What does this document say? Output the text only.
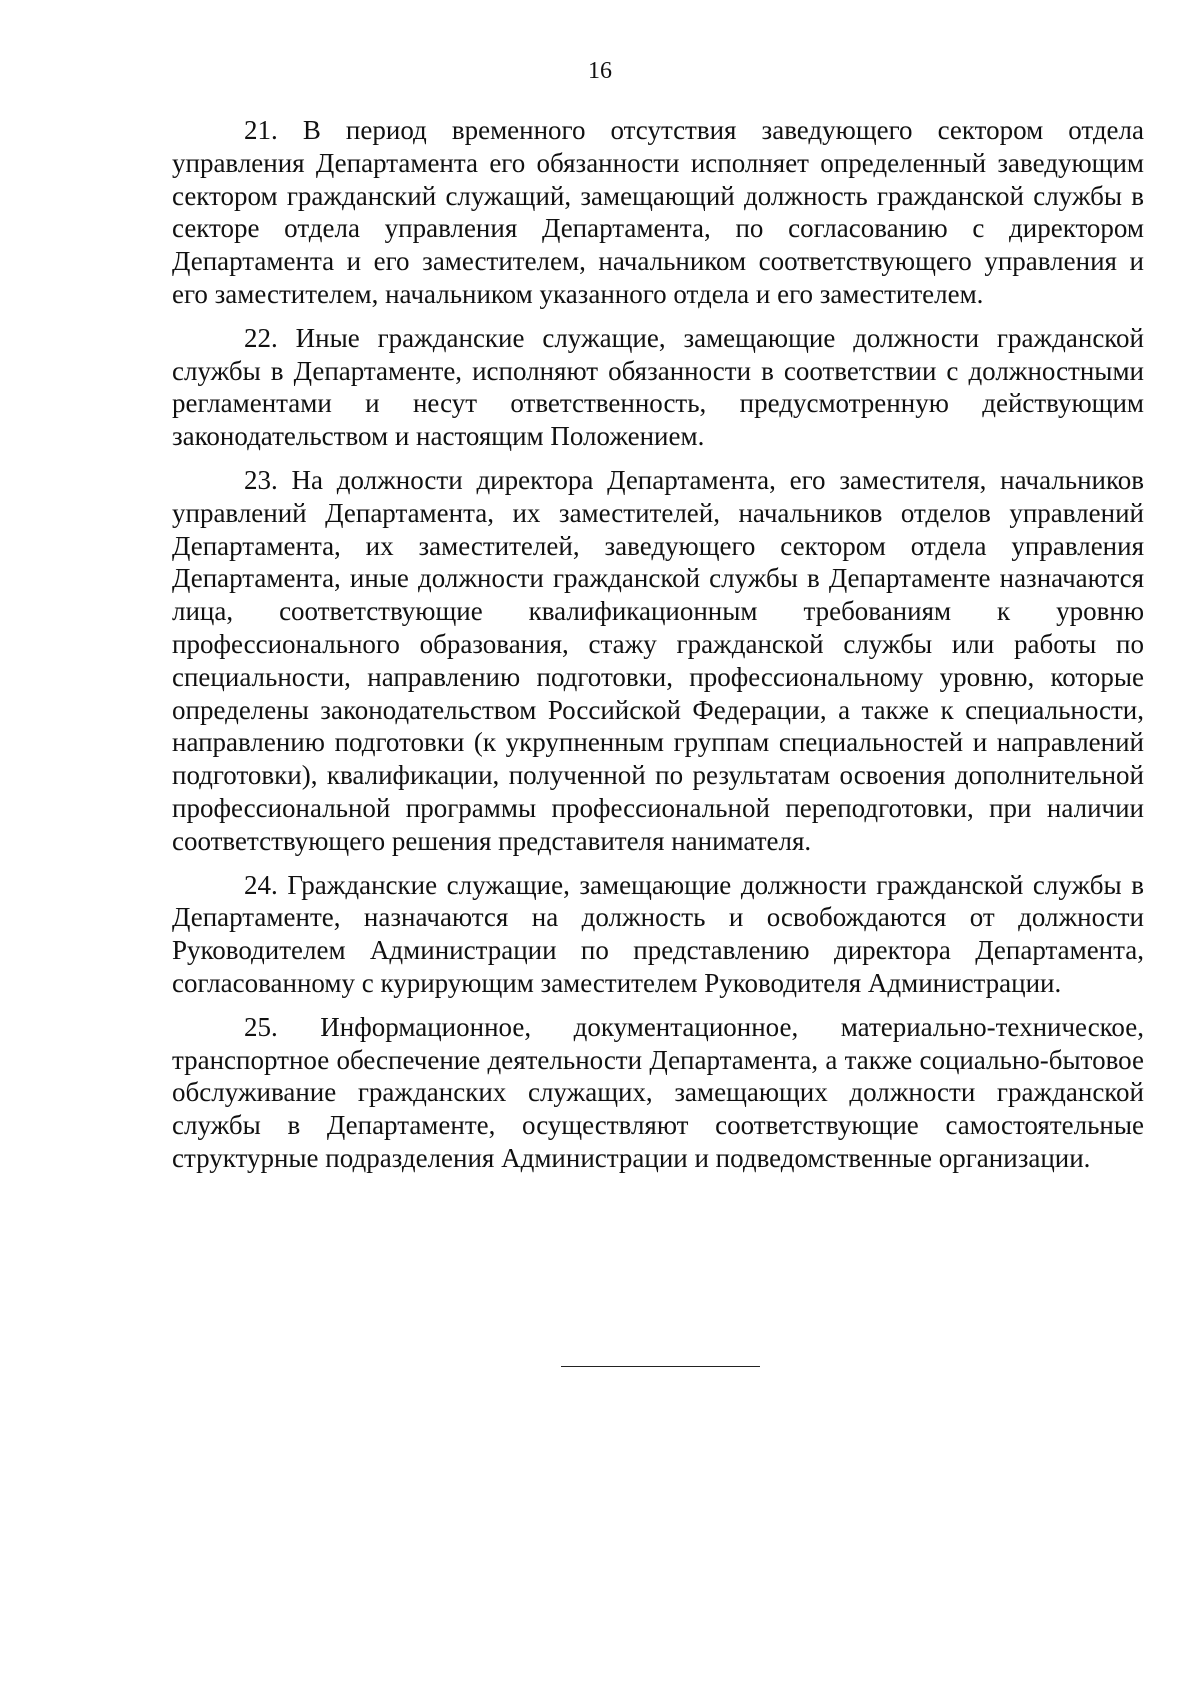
16

21. В период временного отсутствия заведующего сектором отдела управления Департамента его обязанности исполняет определенный заведующим сектором гражданский служащий, замещающий должность гражданской службы в секторе отдела управления Департамента, по согласованию с директором Департамента и его заместителем, начальником соответствующего управления и его заместителем, начальником указанного отдела и его заместителем.

22. Иные гражданские служащие, замещающие должности гражданской службы в Департаменте, исполняют обязанности в соответствии с должностными регламентами и несут ответственность, предусмотренную действующим законодательством и настоящим Положением.

23. На должности директора Департамента, его заместителя, начальников управлений Департамента, их заместителей, начальников отделов управлений Департамента, их заместителей, заведующего сектором отдела управления Департамента, иные должности гражданской службы в Департаменте назначаются лица, соответствующие квалификационным требованиям к уровню профессионального образования, стажу гражданской службы или работы по специальности, направлению подготовки, профессиональному уровню, которые определены законодательством Российской Федерации, а также к специальности, направлению подготовки (к укрупненным группам специальностей и направлений подготовки), квалификации, полученной по результатам освоения дополнительной профессиональной программы профессиональной переподготовки, при наличии соответствующего решения представителя нанимателя.

24. Гражданские служащие, замещающие должности гражданской службы в Департаменте, назначаются на должность и освобождаются от должности Руководителем Администрации по представлению директора Департамента, согласованному с курирующим заместителем Руководителя Администрации.

25. Информационное, документационное, материально-техническое, транспортное обеспечение деятельности Департамента, а также социально-бытовое обслуживание гражданских служащих, замещающих должности гражданской службы в Департаменте, осуществляют соответствующие самостоятельные структурные подразделения Администрации и подведомственные организации.
